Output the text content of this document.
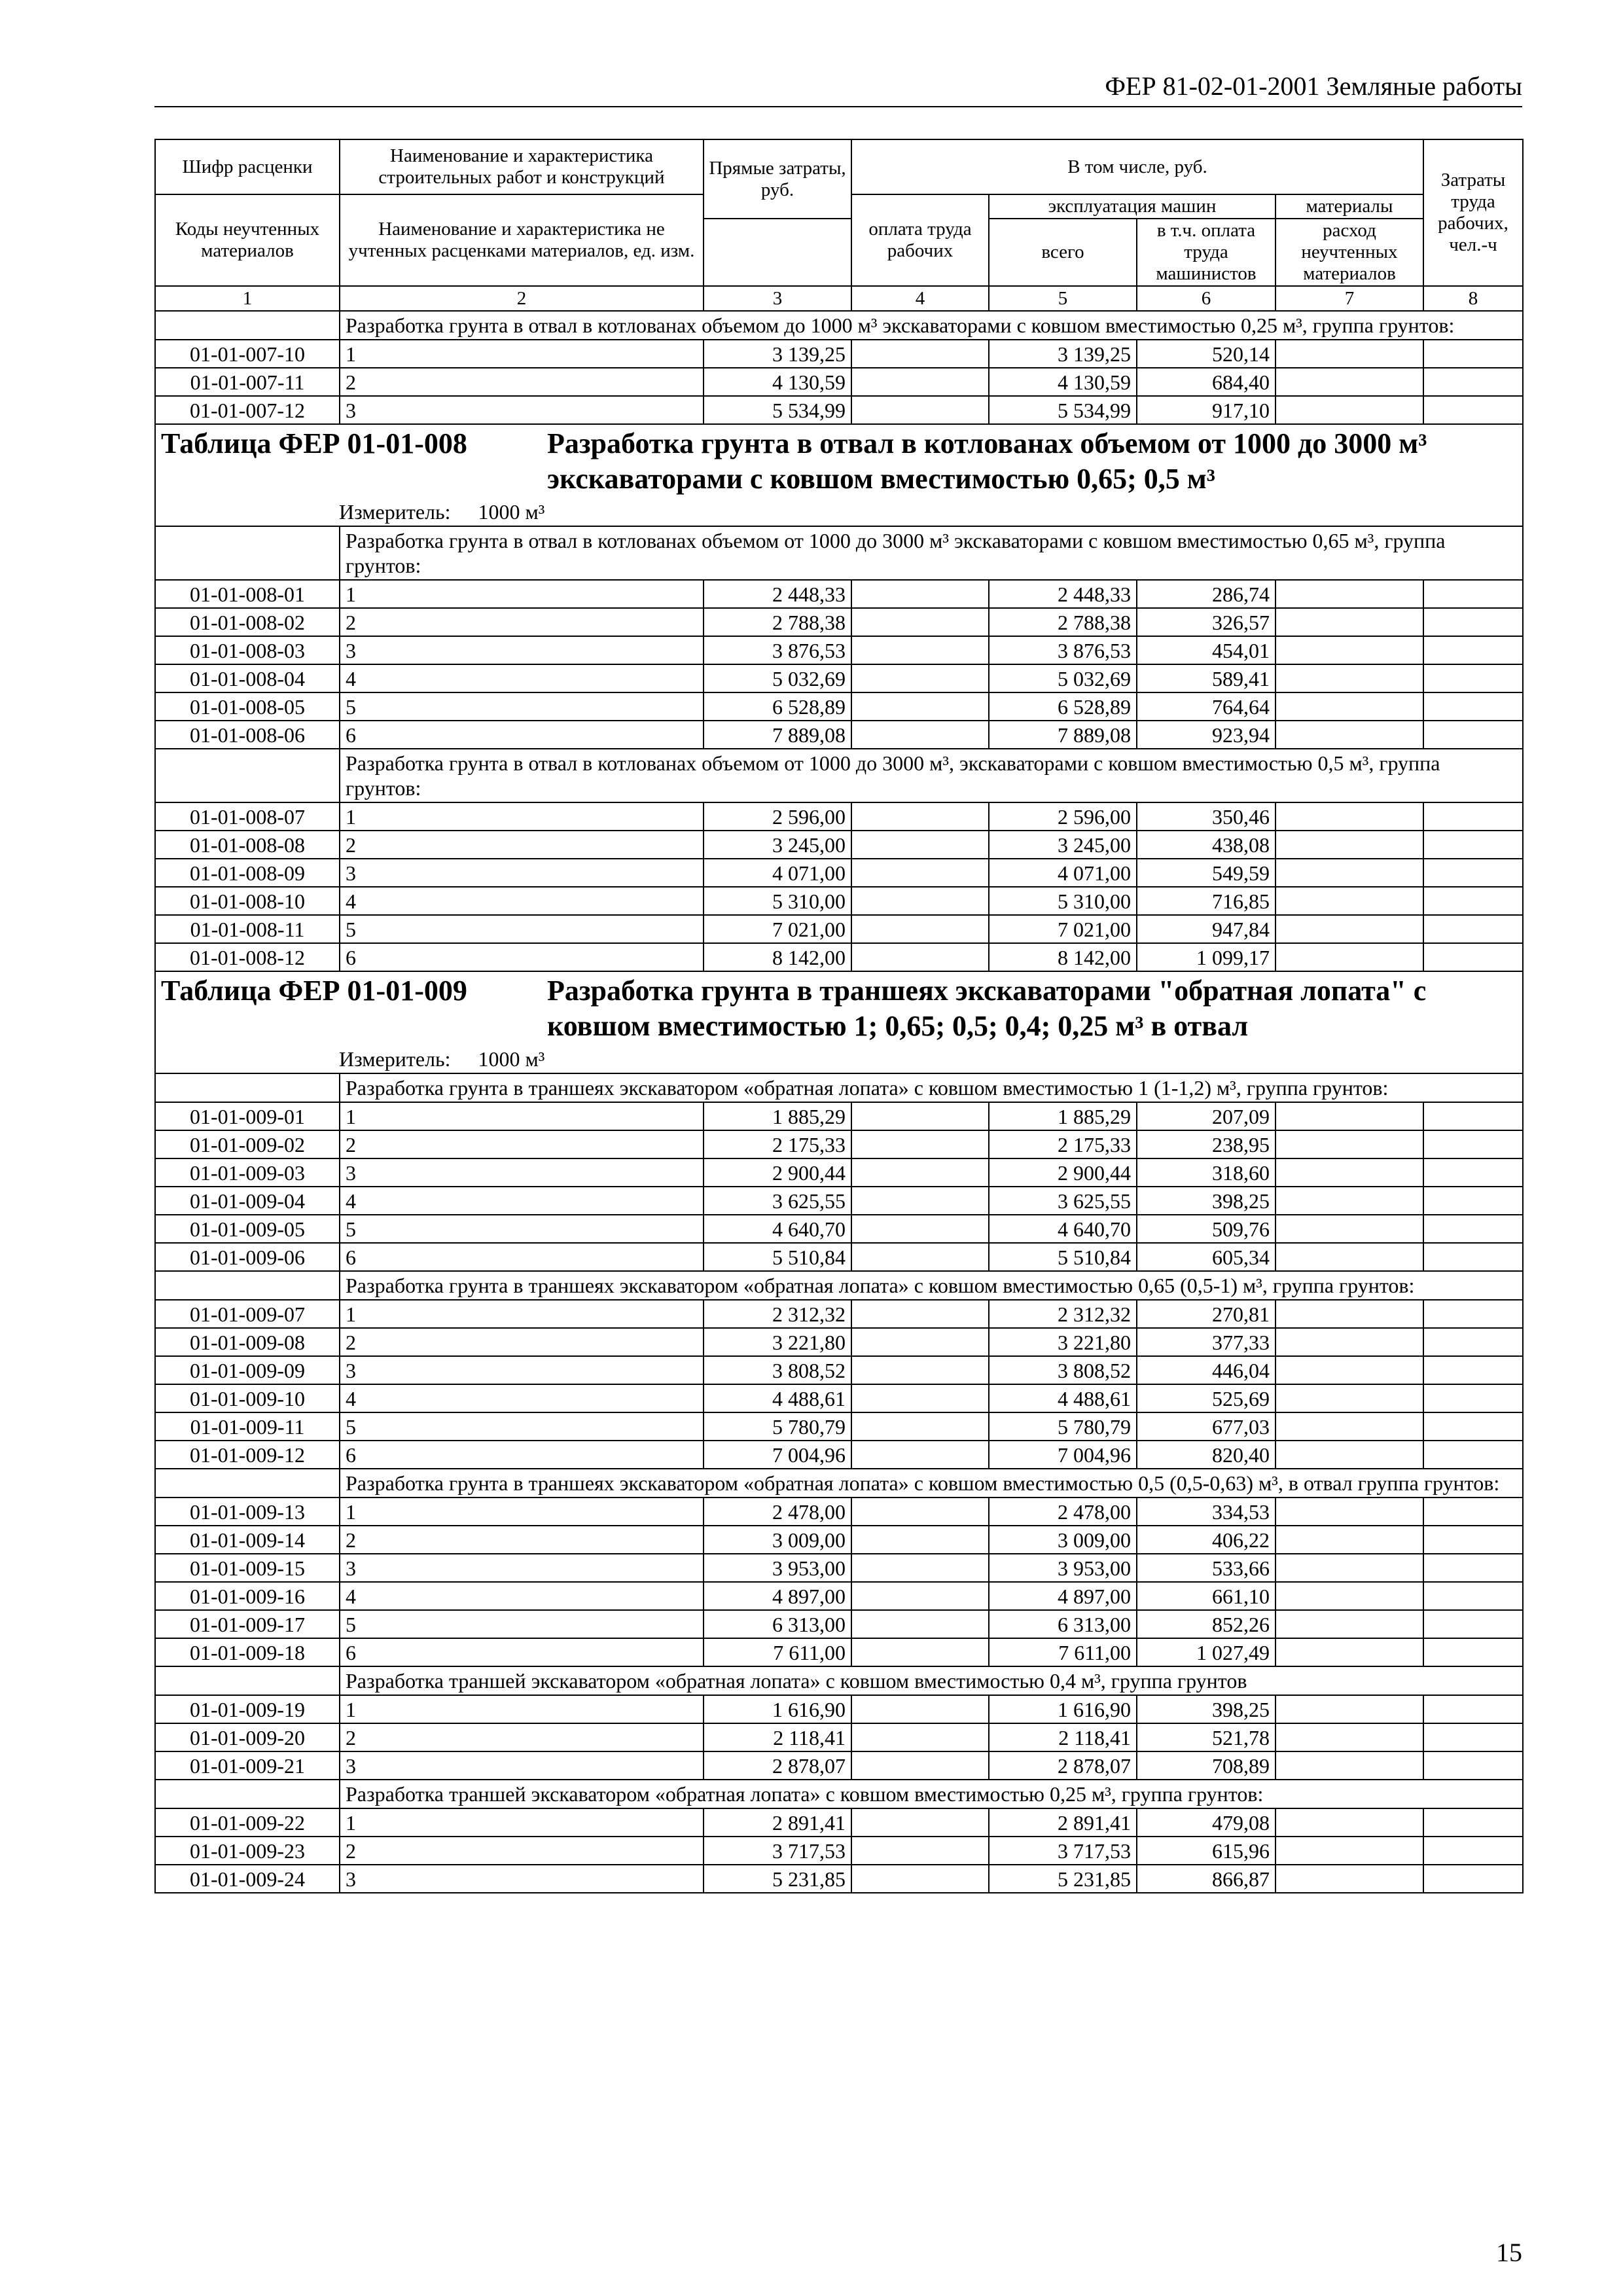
ФЕР 81-02-01-2001 Земляные работы
Шифр расценки	Наименование и характеристика строительных работ и конструкций	Прямые затраты, руб.	В том числе, руб.				Затраты труда рабочих, чел.-ч
Коды неучтенных материалов	Наименование и характеристика не учтенных расценками материалов, ед. изм.						
			оплата труда рабочих	эксплуатация машин		материалы	
				всего	в т.ч. оплата труда машинистов	расход неучтенных материалов	
1	2	3	4	5	6	7	8
	Разработка грунта в отвал в котлованах объемом до 1000 м³ экскаваторами с ковшом вместимостью 0,25 м³, группа грунтов:						
01-01-007-10	1	3 139,25		3 139,25	520,14		
01-01-007-11	2	4 130,59		4 130,59	684,40		
01-01-007-12	3	5 534,99		5 534,99	917,10		

Таблица ФЕР 01-01-008 Разработка грунта в отвал в котлованах объемом от 1000 до 3000 м³ экскаваторами с ковшом вместимостью 0,65; 0,5 м³
Измеритель: 1000 м³							

	Разработка грунта в отвал в котлованах объемом от 1000 до 3000 м³ экскаваторами с ковшом вместимостью 0,65 м³, группа грунтов:						
01-01-008-01	1	2 448,33		2 448,33	286,74		
01-01-008-02	2	2 788,38		2 788,38	326,57		
01-01-008-03	3	3 876,53		3 876,53	454,01		
01-01-008-04	4	5 032,69		5 032,69	589,41		
01-01-008-05	5	6 528,89		6 528,89	764,64		
01-01-008-06	6	7 889,08		7 889,08	923,94		
	Разработка грунта в отвал в котлованах объемом от 1000 до 3000 м³, экскаваторами с ковшом вместимостью 0,5 м³, группа грунтов:						
01-01-008-07	1	2 596,00		2 596,00	350,46		
01-01-008-08	2	3 245,00		3 245,00	438,08		
01-01-008-09	3	4 071,00		4 071,00	549,59		
01-01-008-10	4	5 310,00		5 310,00	716,85		
01-01-008-11	5	7 021,00		7 021,00	947,84		
01-01-008-12	6	8 142,00		8 142,00	1 099,17		

Таблица ФЕР 01-01-009 Разработка грунта в траншеях экскаваторами "обратная лопата" с ковшом вместимостью 1; 0,65; 0,5; 0,4; 0,25 м³ в отвал
Измеритель: 1000 м³							

	Разработка грунта в траншеях экскаватором «обратная лопата» с ковшом вместимостью 1 (1-1,2) м³, группа грунтов:						
01-01-009-01	1	1 885,29		1 885,29	207,09		
01-01-009-02	2	2 175,33		2 175,33	238,95		
01-01-009-03	3	2 900,44		2 900,44	318,60		
01-01-009-04	4	3 625,55		3 625,55	398,25		
01-01-009-05	5	4 640,70		4 640,70	509,76		
01-01-009-06	6	5 510,84		5 510,84	605,34		
	Разработка грунта в траншеях экскаватором «обратная лопата» с ковшом вместимостью 0,65 (0,5-1) м³, группа грунтов:						
01-01-009-07	1	2 312,32		2 312,32	270,81		
01-01-009-08	2	3 221,80		3 221,80	377,33		
01-01-009-09	3	3 808,52		3 808,52	446,04		
01-01-009-10	4	4 488,61		4 488,61	525,69		
01-01-009-11	5	5 780,79		5 780,79	677,03		
01-01-009-12	6	7 004,96		7 004,96	820,40		
	Разработка грунта в траншеях экскаватором «обратная лопата» с ковшом вместимостью 0,5 (0,5-0,63) м³, в отвал группа грунтов:						
01-01-009-13	1	2 478,00		2 478,00	334,53		
01-01-009-14	2	3 009,00		3 009,00	406,22		
01-01-009-15	3	3 953,00		3 953,00	533,66		
01-01-009-16	4	4 897,00		4 897,00	661,10		
01-01-009-17	5	6 313,00		6 313,00	852,26		
01-01-009-18	6	7 611,00		7 611,00	1 027,49		
	Разработка траншей экскаватором «обратная лопата» с ковшом вместимостью 0,4 м³, группа грунтов						
01-01-009-19	1	1 616,90		1 616,90	398,25		
01-01-009-20	2	2 118,41		2 118,41	521,78		
01-01-009-21	3	2 878,07		2 878,07	708,89		
	Разработка траншей экскаватором «обратная лопата» с ковшом вместимостью 0,25 м³, группа грунтов:						
01-01-009-22	1	2 891,41		2 891,41	479,08		
01-01-009-23	2	3 717,53		3 717,53	615,96		
01-01-009-24	3	5 231,85		5 231,85	866,87		
15
